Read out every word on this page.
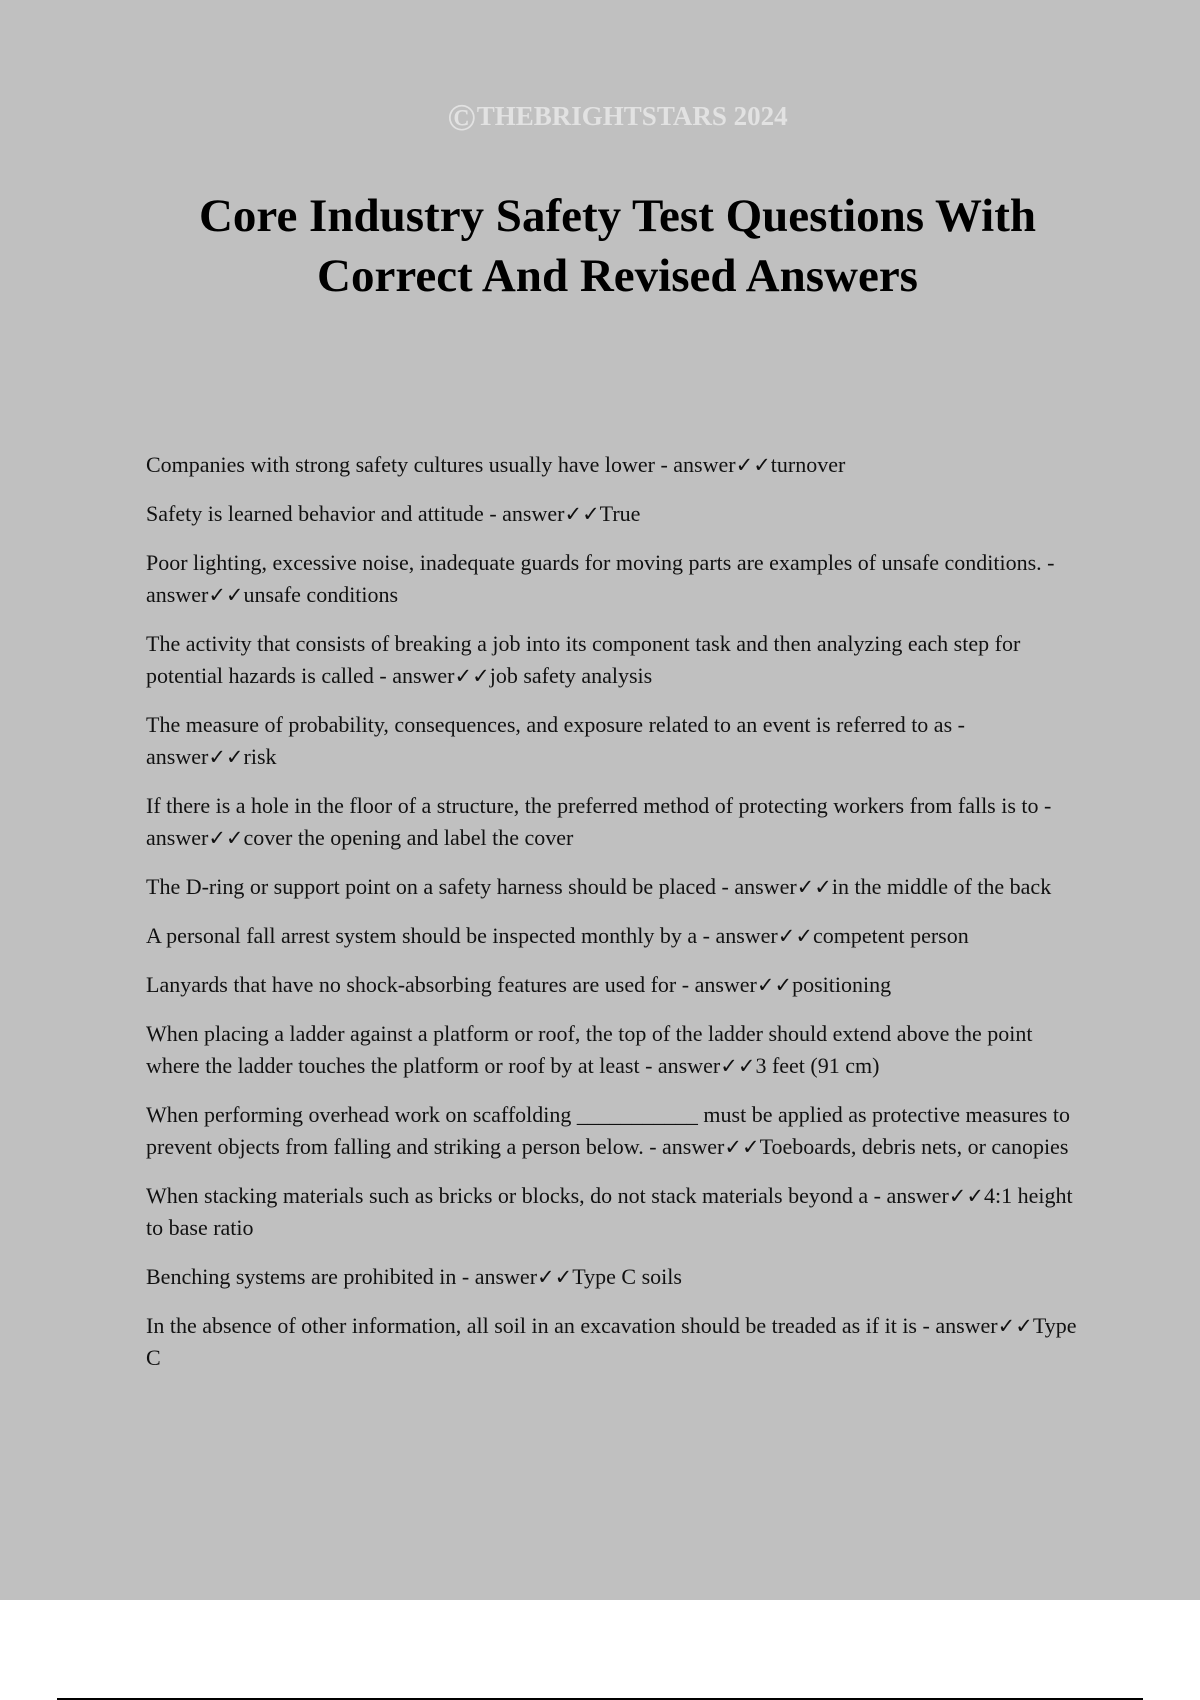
©THEBRIGHTSTARS 2024
Core Industry Safety Test Questions With
Correct And Revised Answers

Companies with strong safety cultures usually have lower - answer✓✓turnover

Safety is learned behavior and attitude - answer✓✓True

Poor lighting, excessive noise, inadequate guards for moving parts are examples of unsafe conditions. - answer✓✓unsafe conditions

The activity that consists of breaking a job into its component task and then analyzing each step for potential hazards is called - answer✓✓job safety analysis

The measure of probability, consequences, and exposure related to an event is referred to as - answer✓✓risk

If there is a hole in the floor of a structure, the preferred method of protecting workers from falls is to - answer✓✓cover the opening and label the cover

The D-ring or support point on a safety harness should be placed - answer✓✓in the middle of the back

A personal fall arrest system should be inspected monthly by a - answer✓✓competent person

Lanyards that have no shock-absorbing features are used for - answer✓✓positioning

When placing a ladder against a platform or roof, the top of the ladder should extend above the point where the ladder touches the platform or roof by at least - answer✓✓3 feet (91 cm)

When performing overhead work on scaffolding ___________ must be applied as protective measures to prevent objects from falling and striking a person below. - answer✓✓Toeboards, debris nets, or canopies

When stacking materials such as bricks or blocks, do not stack materials beyond a - answer✓✓4:1 height to base ratio

Benching systems are prohibited in - answer✓✓Type C soils

In the absence of other information, all soil in an excavation should be treaded as if it is - answer✓✓Type C
